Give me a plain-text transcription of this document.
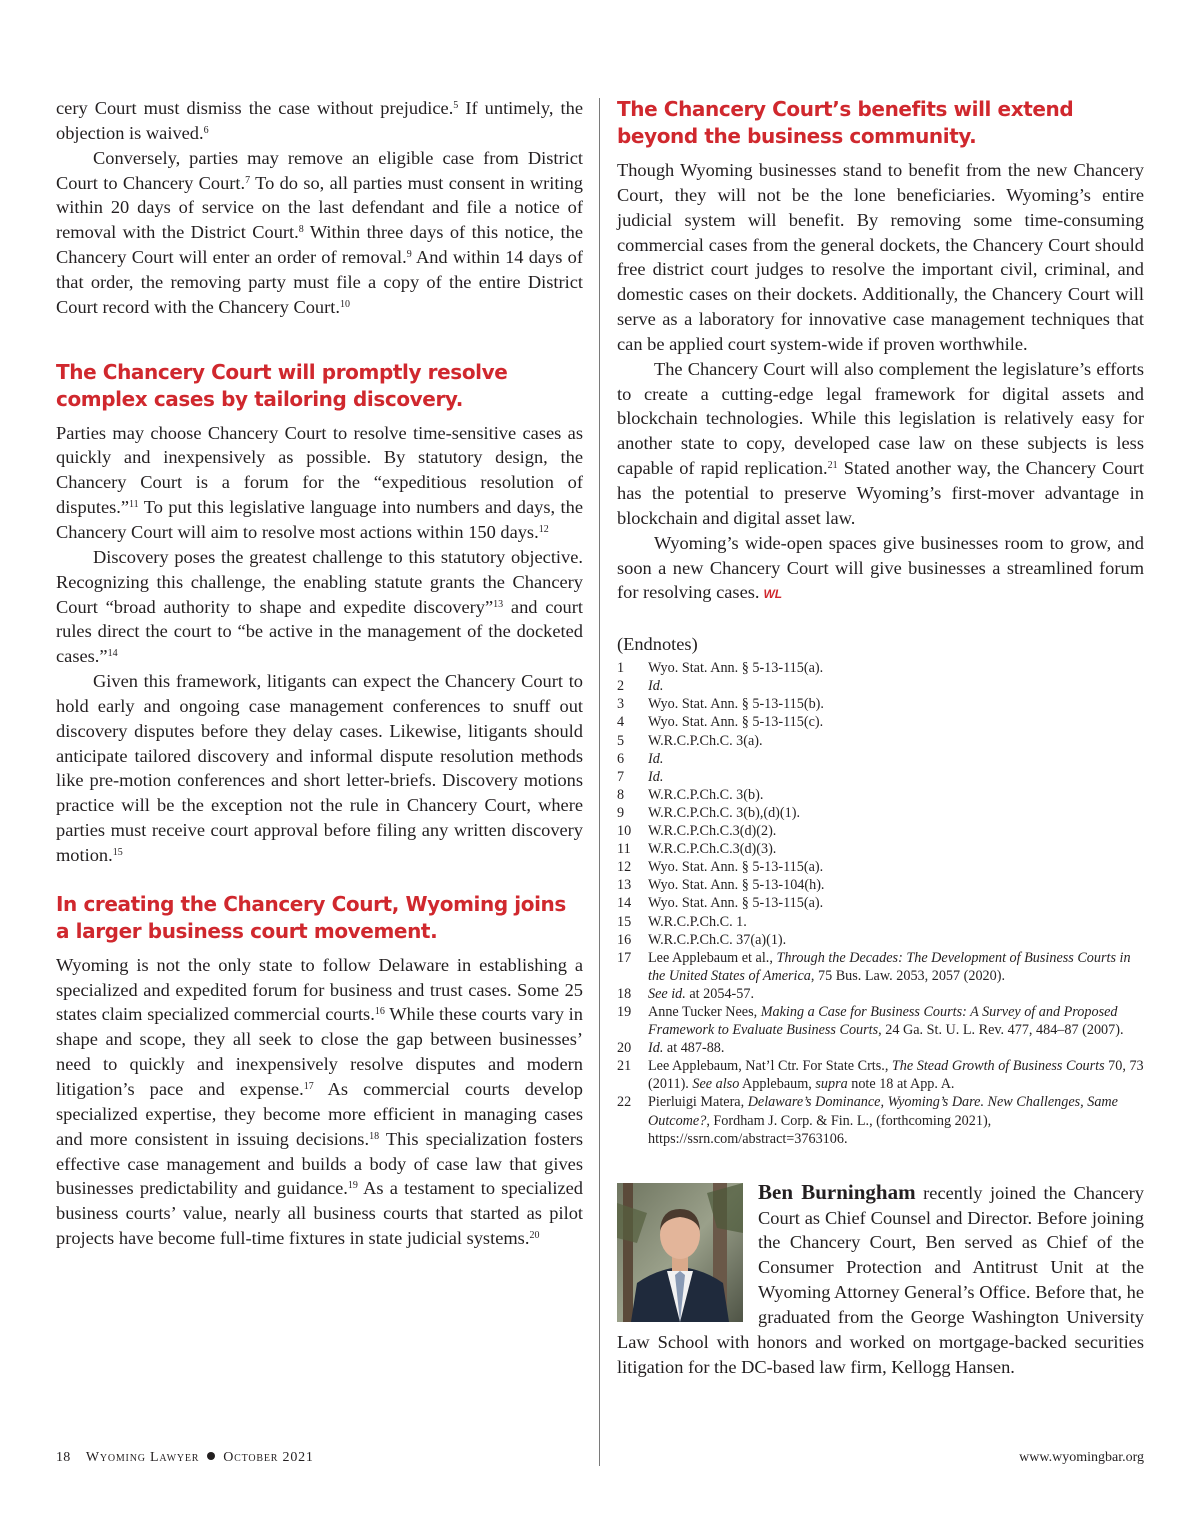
cery Court must dismiss the case without prejudice.$^5$ If untimely, the objection is waived.$^6$

Conversely, parties may remove an eligible case from District Court to Chancery Court.$^7$ To do so, all parties must consent in writing within 20 days of service on the last defendant and file a notice of removal with the District Court.$^8$ Within three days of this notice, the Chancery Court will enter an order of removal.$^9$ And within 14 days of that order, the removing party must file a copy of the entire District Court record with the Chancery Court.$^{10}$

The Chancery Court will promptly resolve complex cases by tailoring discovery.

Parties may choose Chancery Court to resolve time-sensitive cases as quickly and inexpensively as possible. By statutory design, the Chancery Court is a forum for the “expeditious resolution of disputes.”$^{11}$ To put this legislative language into numbers and days, the Chancery Court will aim to resolve most actions within 150 days.$^{12}$

Discovery poses the greatest challenge to this statutory objective. Recognizing this challenge, the enabling statute grants the Chancery Court “broad authority to shape and expedite discovery”$^{13}$ and court rules direct the court to “be active in the management of the docketed cases.”$^{14}$

Given this framework, litigants can expect the Chancery Court to hold early and ongoing case management conferences to snuff out discovery disputes before they delay cases. Likewise, litigants should anticipate tailored discovery and informal dispute resolution methods like pre-motion conferences and short letter-briefs. Discovery motions practice will be the exception not the rule in Chancery Court, where parties must receive court approval before filing any written discovery motion.$^{15}$

In creating the Chancery Court, Wyoming joins a larger business court movement.

Wyoming is not the only state to follow Delaware in establishing a specialized and expedited forum for business and trust cases. Some 25 states claim specialized commercial courts.$^{16}$ While these courts vary in shape and scope, they all seek to close the gap between businesses’ need to quickly and inexpensively resolve disputes and modern litigation’s pace and expense.$^{17}$ As commercial courts develop specialized expertise, they become more efficient in managing cases and more consistent in issuing decisions.$^{18}$ This specialization fosters effective case management and builds a body of case law that gives businesses predictability and guidance.$^{19}$ As a testament to specialized business courts’ value, nearly all business courts that started as pilot projects have become full-time fixtures in state judicial systems.$^{20}$

The Chancery Court’s benefits will extend beyond the business community.

Though Wyoming businesses stand to benefit from the new Chancery Court, they will not be the lone beneficiaries. Wyoming’s entire judicial system will benefit. By removing some time-consuming commercial cases from the general dockets, the Chancery Court should free district court judges to resolve the important civil, criminal, and domestic cases on their dockets. Additionally, the Chancery Court will serve as a laboratory for innovative case management techniques that can be applied court system-wide if proven worthwhile.

The Chancery Court will also complement the legislature’s efforts to create a cutting-edge legal framework for digital assets and blockchain technologies. While this legislation is relatively easy for another state to copy, developed case law on these subjects is less capable of rapid replication.$^{21}$ Stated another way, the Chancery Court has the potential to preserve Wyoming’s first-mover advantage in blockchain and digital asset law.

Wyoming’s wide-open spaces give businesses room to grow, and soon a new Chancery Court will give businesses a streamlined forum for resolving cases. WL

(Endnotes)
1	Wyo. Stat. Ann. § 5-13-115(a).
2	Id.
3	Wyo. Stat. Ann. § 5-13-115(b).
4	Wyo. Stat. Ann. § 5-13-115(c).
5	W.R.C.P.Ch.C. 3(a).
6	Id.
7	Id.
8	W.R.C.P.Ch.C. 3(b).
9	W.R.C.P.Ch.C. 3(b),(d)(1).
10	W.R.C.P.Ch.C.3(d)(2).
11	W.R.C.P.Ch.C.3(d)(3).
12	Wyo. Stat. Ann. § 5-13-115(a).
13	Wyo. Stat. Ann. § 5-13-104(h).
14	Wyo. Stat. Ann. § 5-13-115(a).
15	W.R.C.P.Ch.C. 1.
16	W.R.C.P.Ch.C. 37(a)(1).
17	Lee Applebaum et al., Through the Decades: The Development of Business Courts in the United States of America, 75 Bus. Law. 2053, 2057 (2020).
18	See id. at 2054-57.
19	Anne Tucker Nees, Making a Case for Business Courts: A Survey of and Proposed Framework to Evaluate Business Courts, 24 Ga. St. U. L. Rev. 477, 484–87 (2007).
20	Id. at 487-88.
21	Lee Applebaum, Nat’l Ctr. For State Crts., The Stead Growth of Business Courts 70, 73 (2011). See also Applebaum, supra note 18 at App. A.
22	Pierluigi Matera, Delaware’s Dominance, Wyoming’s Dare. New Challenges, Same Outcome?, Fordham J. Corp. & Fin. L., (forthcoming 2021), https://ssrn.com/abstract=3763106.
Ben Burningham recently joined the Chancery Court as Chief Counsel and Director. Before joining the Chancery Court, Ben served as Chief of the Consumer Protection and Antitrust Unit at the Wyoming Attorney General’s Office. Before that, he graduated from the George Washington University Law School with honors and worked on mortgage-backed securities litigation for the DC-based law firm, Kellogg Hansen.
18 Wyoming Lawyer October 2021	www.wyomingbar.org
